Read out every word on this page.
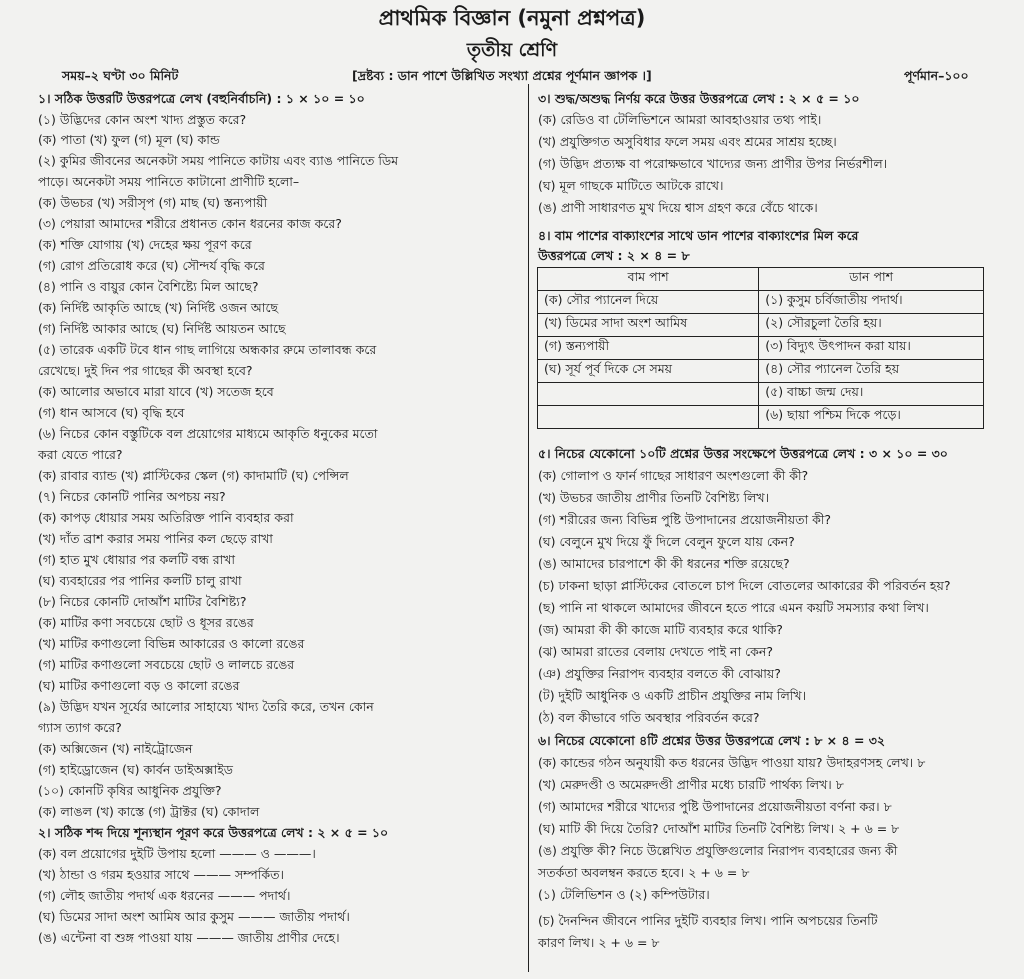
প্রাথমিক বিজ্ঞান (নমুনা প্রশ্নপত্র)
তৃতীয় শ্রেণি
সময়–২ ঘণ্টা ৩০ মিনিট	[দ্রষ্টব্য : ডান পাশে উল্লিখিত সংখ্যা প্রশ্নের পূর্ণমান জ্ঞাপক ।]	পূর্ণমান–১০০
১। সঠিক উত্তরটি উত্তরপত্রে লেখ (বহুনির্বাচনি) : ১ × ১০ = ১০
(১) উদ্ভিদের কোন অংশ খাদ্য প্রস্তুত করে?
(ক) পাতা (খ) ফুল (গ) মূল (ঘ) কান্ড
(২) কুমির জীবনের অনেকটা সময় পানিতে কাটায় এবং ব্যাঙ পানিতে ডিম
পাড়ে। অনেকটা সময় পানিতে কাটানো প্রাণীটি হলো–
(ক) উভচর (খ) সরীসৃপ (গ) মাছ (ঘ) স্তন্যপায়ী
(৩) পেয়ারা আমাদের শরীরে প্রধানত কোন ধরনের কাজ করে?
(ক) শক্তি যোগায় (খ) দেহের ক্ষয় পূরণ করে
(গ) রোগ প্রতিরোধ করে (ঘ) সৌন্দর্য বৃদ্ধি করে
(৪) পানি ও বায়ুর কোন বৈশিষ্ট্যে মিল আছে?
(ক) নির্দিষ্ট আকৃতি আছে (খ) নির্দিষ্ট ওজন আছে
(গ) নির্দিষ্ট আকার আছে (ঘ) নির্দিষ্ট আয়তন আছে
(৫) তারেক একটি টবে ধান গাছ লাগিয়ে অন্ধকার রুমে তালাবন্ধ করে
রেখেছে। দুই দিন পর গাছের কী অবস্থা হবে?
(ক) আলোর অভাবে মারা যাবে (খ) সতেজ হবে
(গ) ধান আসবে (ঘ) বৃদ্ধি হবে
(৬) নিচের কোন বস্তুটিকে বল প্রয়োগের মাধ্যমে আকৃতি ধনুকের মতো
করা যেতে পারে?
(ক) রাবার ব্যান্ড (খ) প্লাস্টিকের স্কেল (গ) কাদামাটি (ঘ) পেন্সিল
(৭) নিচের কোনটি পানির অপচয় নয়?
(ক) কাপড় ধোয়ার সময় অতিরিক্ত পানি ব্যবহার করা
(খ) দাঁত ব্রাশ করার সময় পানির কল ছেড়ে রাখা
(গ) হাত মুখ ধোয়ার পর কলটি বন্ধ রাখা
(ঘ) ব্যবহারের পর পানির কলটি চালু রাখা
(৮) নিচের কোনটি দোআঁশ মাটির বৈশিষ্ট্য?
(ক) মাটির কণা সবচেয়ে ছোট ও ধূসর রঙের
(খ) মাটির কণাগুলো বিভিন্ন আকারের ও কালো রঙের
(গ) মাটির কণাগুলো সবচেয়ে ছোট ও লালচে রঙের
(ঘ) মাটির কণাগুলো বড় ও কালো রঙের
(৯) উদ্ভিদ যখন সূর্যের আলোর সাহায্যে খাদ্য তৈরি করে, তখন কোন
গ্যাস ত্যাগ করে?
(ক) অক্সিজেন (খ) নাইট্রোজেন
(গ) হাইড্রোজেন (ঘ) কার্বন ডাইঅক্সাইড
(১০) কোনটি কৃষির আধুনিক প্রযুক্তি?
(ক) লাঙল (খ) কাস্তে (গ) ট্রাক্টর (ঘ) কোদাল
২। সঠিক শব্দ দিয়ে শূন্যস্থান পূরণ করে উত্তরপত্রে লেখ : ২ × ৫ = ১০
(ক) বল প্রয়োগের দুইটি উপায় হলো ——— ও ———।
(খ) ঠান্ডা ও গরম হওয়ার সাথে ——— সম্পর্কিত।
(গ) লৌহ জাতীয় পদার্থ এক ধরনের ——— পদার্থ।
(ঘ) ডিমের সাদা অংশ আমিষ আর কুসুম ——— জাতীয় পদার্থ।
(ঙ) এন্টেনা বা শুঙ্গ পাওয়া যায় ——— জাতীয় প্রাণীর দেহে।
৩। শুদ্ধ/অশুদ্ধ নির্ণয় করে উত্তর উত্তরপত্রে লেখ : ২ × ৫ = ১০
(ক) রেডিও বা টেলিভিশনে আমরা আবহাওয়ার তথ্য পাই।
(খ) প্রযুক্তিগত অসুবিধার ফলে সময় এবং শ্রমের সাশ্রয় হচ্ছে।
(গ) উদ্ভিদ প্রত্যক্ষ বা পরোক্ষভাবে খাদ্যের জন্য প্রাণীর উপর নির্ভরশীল।
(ঘ) মূল গাছকে মাটিতে আটকে রাখে।
(ঙ) প্রাণী সাধারণত মুখ দিয়ে শ্বাস গ্রহণ করে বেঁচে থাকে।
৪। বাম পাশের বাক্যাংশের সাথে ডান পাশের বাক্যাংশের মিল করে
উত্তরপত্রে লেখ : ২ × ৪ = ৮
বাম পাশ	ডান পাশ
(ক) সৌর প্যানেল দিয়ে	(১) কুসুম চর্বিজাতীয় পদার্থ।
(খ) ডিমের সাদা অংশ আমিষ	(২) সৌরচুলা তৈরি হয়।
(গ) স্তন্যপায়ী	(৩) বিদ্যুৎ উৎপাদন করা যায়।
(ঘ) সূর্য পূর্ব দিকে সে সময়	(৪) সৌর প্যানেল তৈরি হয়
	(৫) বাচ্চা জন্ম দেয়।
	(৬) ছায়া পশ্চিম দিকে পড়ে।
৫। নিচের যেকোনো ১০টি প্রশ্নের উত্তর সংক্ষেপে উত্তরপত্রে লেখ : ৩ × ১০ = ৩০
(ক) গোলাপ ও ফার্ন গাছের সাধারণ অংশগুলো কী কী?
(খ) উভচর জাতীয় প্রাণীর তিনটি বৈশিষ্ট্য লিখ।
(গ) শরীরের জন্য বিভিন্ন পুষ্টি উপাদানের প্রয়োজনীয়তা কী?
(ঘ) বেলুনে মুখ দিয়ে ফুঁ দিলে বেলুন ফুলে যায় কেন?
(ঙ) আমাদের চারপাশে কী কী ধরনের শক্তি রয়েছে?
(চ) ঢাকনা ছাড়া প্লাস্টিকের বোতলে চাপ দিলে বোতলের আকারের কী পরিবর্তন হয়?
(ছ) পানি না থাকলে আমাদের জীবনে হতে পারে এমন কয়টি সমস্যার কথা লিখ।
(জ) আমরা কী কী কাজে মাটি ব্যবহার করে থাকি?
(ঝ) আমরা রাতের বেলায় দেখতে পাই না কেন?
(ঞ) প্রযুক্তির নিরাপদ ব্যবহার বলতে কী বোঝায়?
(ট) দুইটি আধুনিক ও একটি প্রাচীন প্রযুক্তির নাম লিখি।
(ঠ) বল কীভাবে গতি অবস্থার পরিবর্তন করে?
৬। নিচের যেকোনো ৪টি প্রশ্নের উত্তর উত্তরপত্রে লেখ : ৮ × ৪ = ৩২
(ক) কান্ডের গঠন অনুযায়ী কত ধরনের উদ্ভিদ পাওয়া যায়? উদাহরণসহ লেখ। ৮
(খ) মেরুদণ্ডী ও অমেরুদণ্ডী প্রাণীর মধ্যে চারটি পার্থক্য লিখ। ৮
(গ) আমাদের শরীরে খাদ্যের পুষ্টি উপাদানের প্রয়োজনীয়তা বর্ণনা কর। ৮
(ঘ) মাটি কী দিয়ে তৈরি? দোআঁশ মাটির তিনটি বৈশিষ্ট্য লিখ। ২ + ৬ = ৮
(ঙ) প্রযুক্তি কী? নিচে উল্লেখিত প্রযুক্তিগুলোর নিরাপদ ব্যবহারের জন্য কী
সতর্কতা অবলম্বন করতে হবে। ২ + ৬ = ৮
(১) টেলিভিশন ও (২) কম্পিউটার।
(চ) দৈনন্দিন জীবনে পানির দুইটি ব্যবহার লিখ। পানি অপচয়ের তিনটি
কারণ লিখ। ২ + ৬ = ৮
